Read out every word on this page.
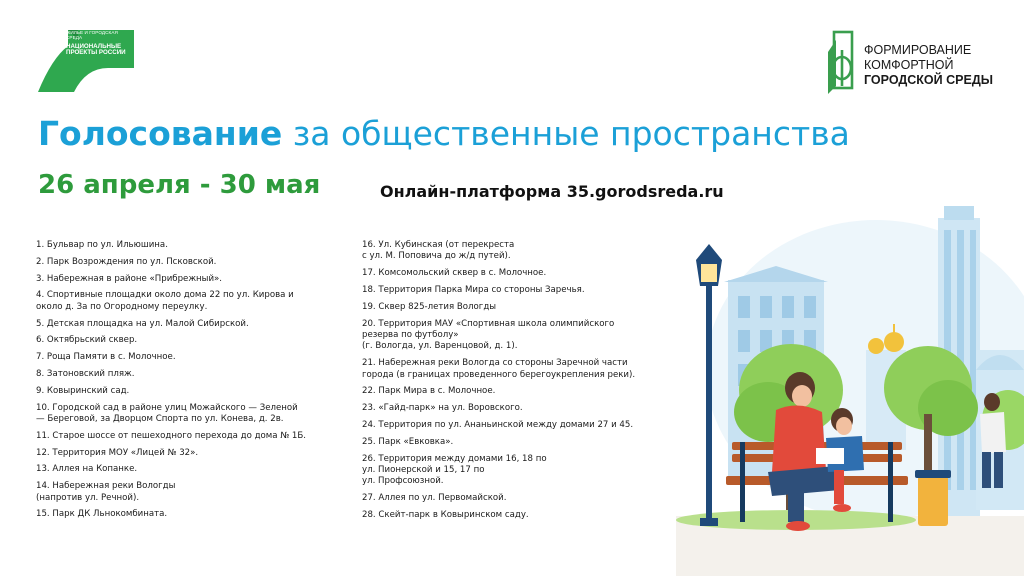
ЖИЛЬЕ И ГОРОДСКАЯ СРЕДА
НАЦИОНАЛЬНЫЕ ПРОЕКТЫ РОССИИ	ФОРМИРОВАНИЕ
КОМФОРТНОЙ
ГОРОДСКОЙ СРЕДЫ
Голосование за общественные пространства
26 апреля - 30 мая	Онлайн-платформа 35.gorodsreda.ru
1. Бульвар по ул. Ильюшина.
2. Парк Возрождения по ул. Псковской.
3. Набережная в районе «Прибрежный».
4. Спортивные площадки около дома 22 по ул. Кирова и
около д. За по Огородному переулку.
5. Детская площадка на ул. Малой Сибирской.
6. Октябрьский сквер.
7. Роща Памяти в с. Молочное.
8. Затоновский пляж.
9. Ковыринский сад.
10. Городской сад в районе улиц Можайского — Зеленой
— Береговой, за Дворцом Спорта по ул. Конева, д. 2в.
11. Старое шоссе от пешеходного перехода до дома № 1Б.
12. Территория МОУ «Лицей № 32».
13. Аллея на Копанке.
14. Набережная реки Вологды
(напротив ул. Речной).
15. Парк ДК Льнокомбината.
16. Ул. Кубинская (от перекреста
с ул. М. Поповича до ж/д путей).
17. Комсомольский сквер в с. Молочное.
18. Территория Парка Мира со стороны Заречья.
19. Сквер 825-летия Вологды
20. Территория МАУ «Спортивная школа олимпийского
резерва по футболу»
(г. Вологда, ул. Варенцовой, д. 1).
21. Набережная реки Вологда со стороны Заречной части
города (в границах проведенного берегоукрепления реки).
22. Парк Мира в с. Молочное.
23. «Гайд-парк» на ул. Воровского.
24. Территория по ул. Ананьинской между домами 27 и 45.
25. Парк «Евковка».
26. Территория между домами 16, 18 по
ул. Пионерской и 15, 17 по
ул. Профсоюзной.
27. Аллея по ул. Первомайской.
28. Скейт-парк в Ковыринском саду.
